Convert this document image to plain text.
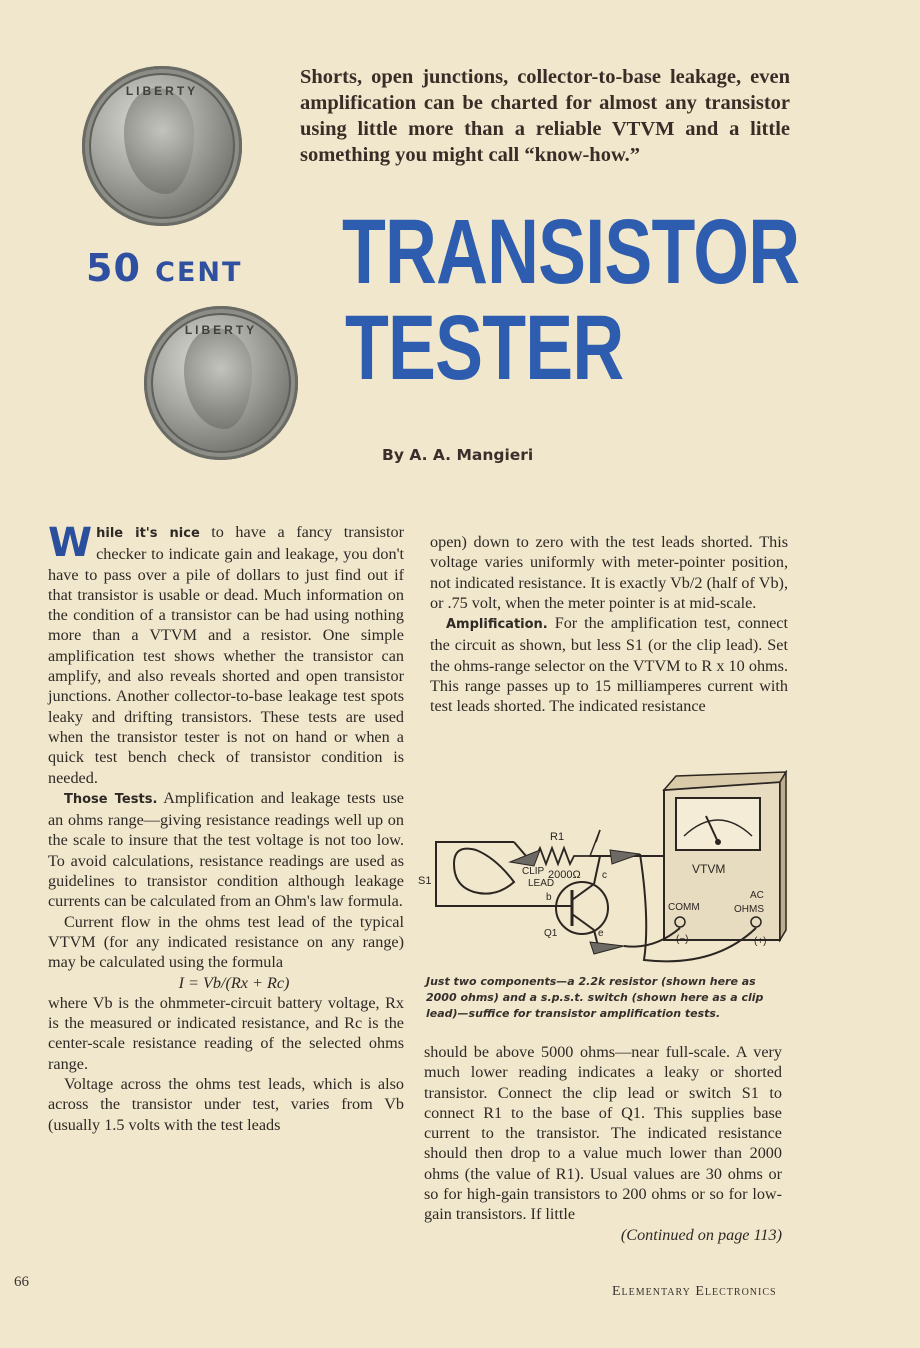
LIBERTY
LIBERTY
Shorts, open junctions, collector-to-base leakage, even amplification can be charted for almost any transistor using little more than a reliable VTVM and a little something you might call “know-how.”
50 CENT TRANSISTOR
TESTER
By A. A. Mangieri

While it's nice to have a fancy transistor checker to indicate gain and leakage, you don't have to pass over a pile of dollars to just find out if that transistor is usable or dead. Much information on the condition of a transistor can be had using nothing more than a VTVM and a resistor. One simple amplification test shows whether the transistor can amplify, and also reveals shorted and open transistor junctions. Another collector-to-base leakage test spots leaky and drifting transistors. These tests are used when the transistor tester is not on hand or when a quick test bench check of transistor condition is needed.

Those Tests. Amplification and leakage tests use an ohms range—giving resistance readings well up on the scale to insure that the test voltage is not too low. To avoid calculations, resistance readings are used as guidelines to transistor condition although leakage currents can be calculated from an Ohm's law formula.

Current flow in the ohms test lead of the typical VTVM (for any indicated resistance on any range) may be calculated using the formula

I = Vb/(Rx + Rc)

where Vb is the ohmmeter-circuit battery voltage, Rx is the measured or indicated resistance, and Rc is the center-scale resistance reading of the selected ohms range.

Voltage across the ohms test leads, which is also across the transistor under test, varies from Vb (usually 1.5 volts with the test leads

open) down to zero with the test leads shorted. This voltage varies uniformly with meter-pointer position, not indicated resistance. It is exactly Vb/2 (half of Vb), or .75 volt, when the meter pointer is at mid-scale.

Amplification. For the amplification test, connect the circuit as shown, but less S1 (or the clip lead). Set the ohms-range selector on the VTVM to R x 10 ohms. This range passes up to 15 milliamperes current with test leads shorted. The indicated resistance

VTVM
COMM
AC
OHMS
(−)	(+)
S1
R1
2000Ω
CLIP
LEAD
b
c
e
Q1
Just two components—a 2.2k resistor (shown here as 2000 ohms) and a s.p.s.t. switch (shown here as a clip lead)—suffice for transistor amplification tests.

should be above 5000 ohms—near full-scale. A very much lower reading indicates a leaky or shorted transistor. Connect the clip lead or switch S1 to connect R1 to the base of Q1. This supplies base current to the transistor. The indicated resistance should then drop to a value much lower than 2000 ohms (the value of R1). Usual values are 30 ohms or so for high-gain transistors to 200 ohms or so for low-gain transistors. If little

(Continued on page 113)

66
Elementary Electronics
